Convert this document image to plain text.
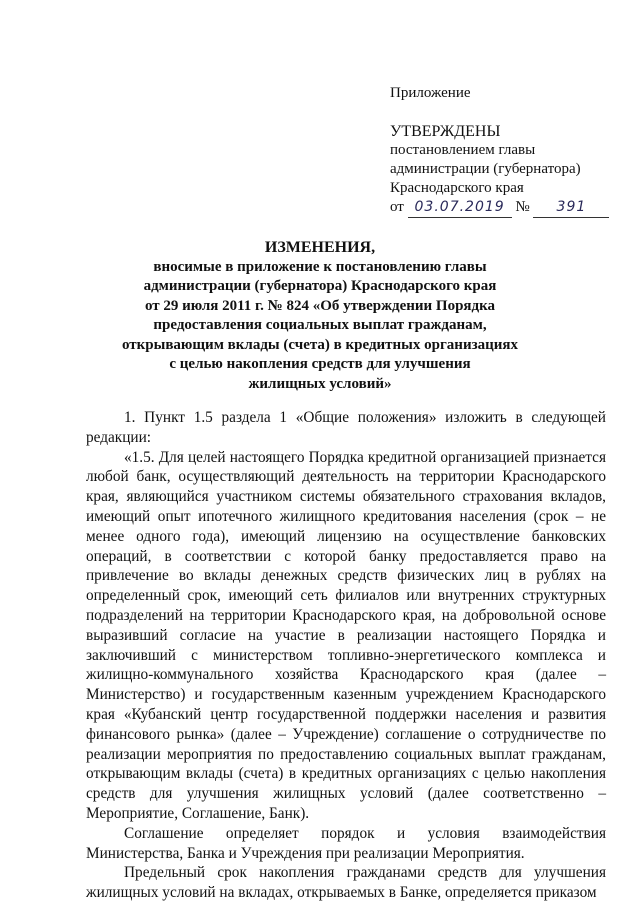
Приложение

УТВЕРЖДЕНЫ

постановлением главы

администрации (губернатора)

Краснодарского края

от 03.07.2019 № 391

ИЗМЕНЕНИЯ,

вносимые в приложение к постановлению главы

администрации (губернатора) Краснодарского края

от 29 июля 2011 г. № 824 «Об утверждении Порядка

предоставления социальных выплат гражданам,

открывающим вклады (счета) в кредитных организациях

с целью накопления средств для улучшения

жилищных условий»

1. Пункт 1.5 раздела 1 «Общие положения» изложить в следующей редакции:

«1.5. Для целей настоящего Порядка кредитной организацией признается любой банк, осуществляющий деятельность на территории Краснодарского края, являющийся участником системы обязательного страхования вкладов, имеющий опыт ипотечного жилищного кредитования населения (срок – не менее одного года), имеющий лицензию на осуществление банковских операций, в соответствии с которой банку предоставляется право на привлечение во вклады денежных средств физических лиц в рублях на определенный срок, имеющий сеть филиалов или внутренних структурных подразделений на территории Краснодарского края, на добровольной основе выразивший согласие на участие в реализации настоящего Порядка и заключивший с министерством топливно-энергетического комплекса и жилищно-коммунального хозяйства Краснодарского края (далее – Министерство) и государственным казенным учреждением Краснодарского края «Кубанский центр государственной поддержки населения и развития финансового рынка» (далее – Учреждение) соглашение о сотрудничестве по реализации мероприятия по предоставлению социальных выплат гражданам, открывающим вклады (счета) в кредитных организациях с целью накопления средств для улучшения жилищных условий (далее соответственно – Мероприятие, Соглашение, Банк).

Соглашение определяет порядок и условия взаимодействия Министерства, Банка и Учреждения при реализации Мероприятия.

Предельный срок накопления гражданами средств для улучшения жилищных условий на вкладах, открываемых в Банке, определяется приказом
